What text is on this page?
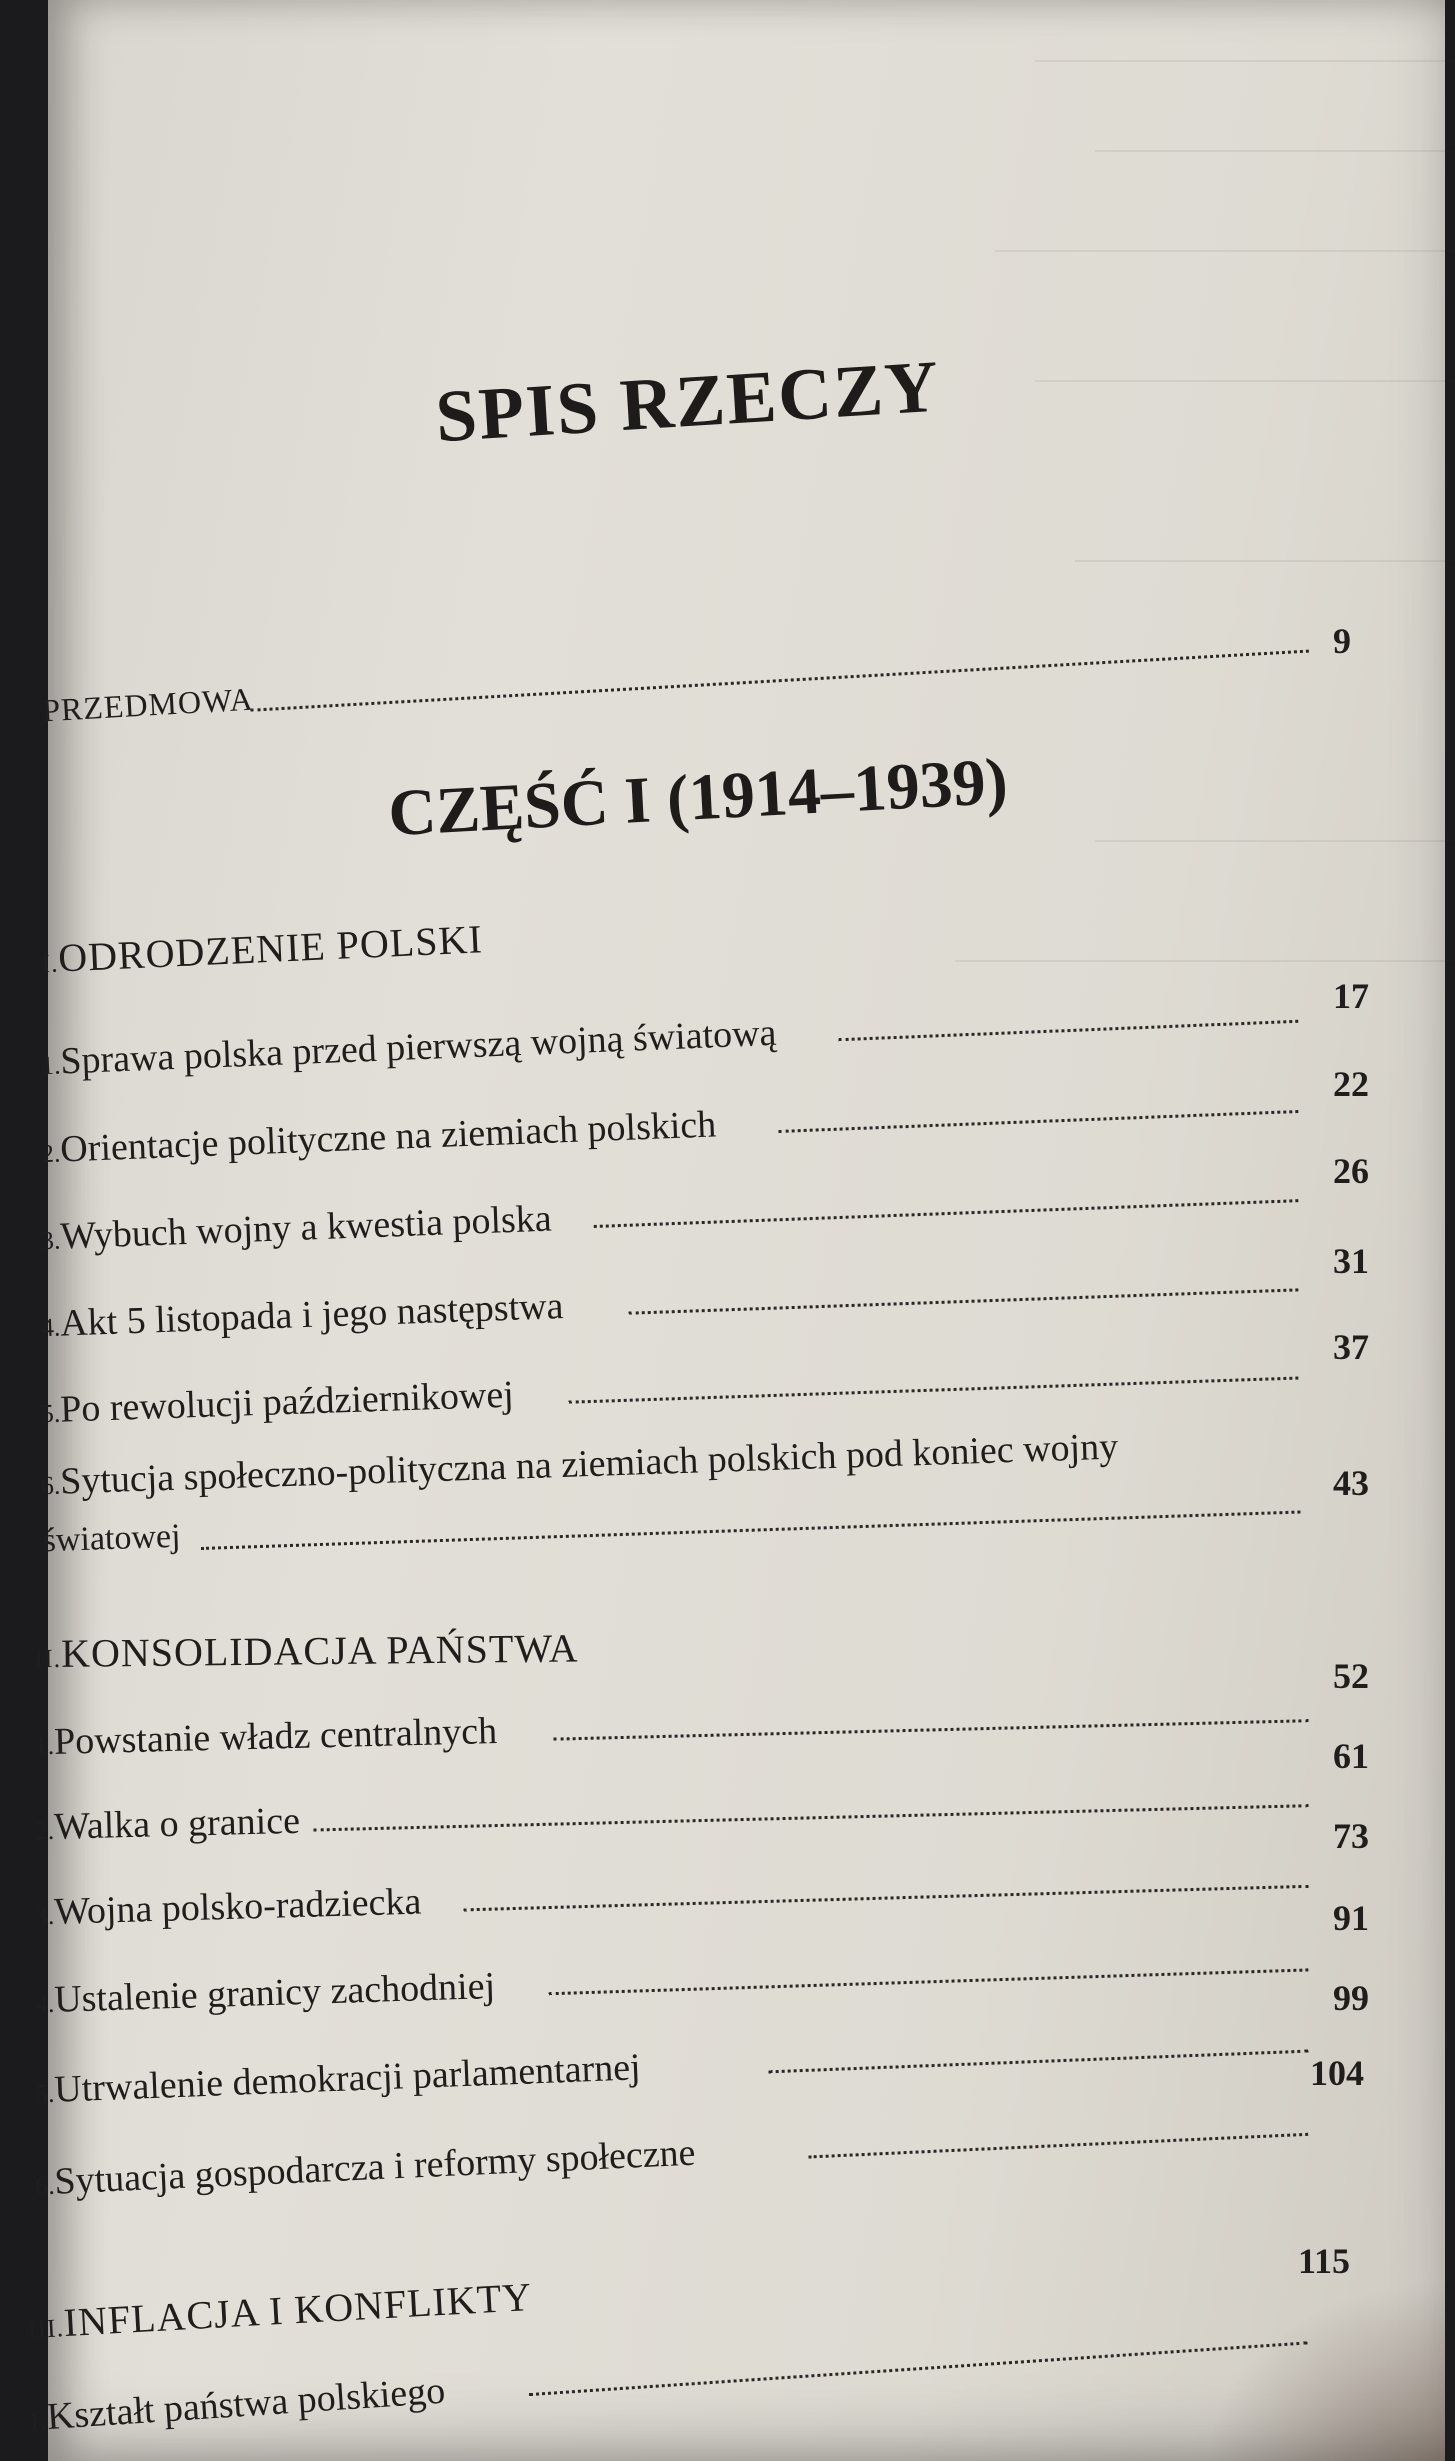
SPIS RZECZY
PRZEDMOWA
9
CZĘŚĆ I (1914–1939)
I.ODRODZENIE POLSKI
1.Sprawa polska przed pierwszą wojną światową
17
2.Orientacje polityczne na ziemiach polskich
22
3.Wybuch wojny a kwestia polska
26
4.Akt 5 listopada i jego następstwa
31
5.Po rewolucji październikowej
37
6.Sytucja społeczno-polityczna na ziemiach polskich pod koniec wojny
światowej
43
II.KONSOLIDACJA PAŃSTWA
1.Powstanie władz centralnych
52
2.Walka o granice
61
3.Wojna polsko-radziecka
73
4.Ustalenie granicy zachodniej
91
5.Utrwalenie demokracji parlamentarnej
99
6.Sytuacja gospodarcza i reformy społeczne
104
III.INFLACJA I KONFLIKTY
1.Kształt państwa polskiego
115
